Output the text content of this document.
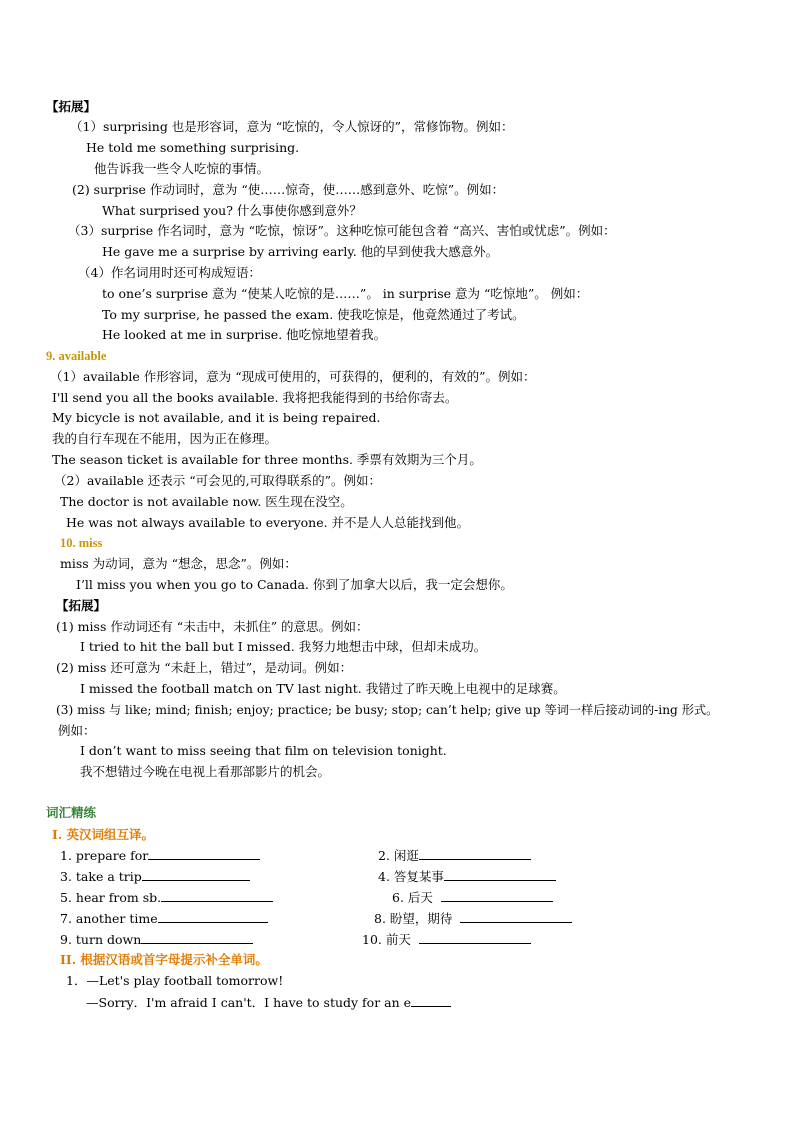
【拓展】
（1）surprising 也是形容词，意为 “吃惊的，令人惊讶的”，常修饰物。例如：
He told me something surprising.
他告诉我一些令人吃惊的事情。
(2) surprise 作动词时，意为 “使……惊奇，使……感到意外、吃惊”。例如：
What surprised you? 什么事使你感到意外？
（3）surprise 作名词时，意为 “吃惊，惊讶”。这种吃惊可能包含着 “高兴、害怕或忧虑”。例如：
He gave me a surprise by arriving early. 他的早到使我大感意外。
（4）作名词用时还可构成短语：
to one’s surprise 意为 “使某人吃惊的是……”。 in surprise 意为 “吃惊地”。 例如：
To my surprise, he passed the exam. 使我吃惊是，他竟然通过了考试。
He looked at me in surprise. 他吃惊地望着我。
9. available
（1）available 作形容词，意为 “现成可使用的，可获得的，便利的，有效的”。例如：
I'll send you all the books available. 我将把我能得到的书给你寄去。
My bicycle is not available, and it is being repaired.
我的自行车现在不能用，因为正在修理。
The season ticket is available for three months. 季票有效期为三个月。
（2）available 还表示 “可会见的,可取得联系的”。例如：
The doctor is not available now. 医生现在没空。
He was not always available to everyone. 并不是人人总能找到他。
10. miss
miss 为动词，意为 “想念，思念”。例如：
I’ll miss you when you go to Canada. 你到了加拿大以后，我一定会想你。
【拓展】
(1) miss 作动词还有 “未击中，未抓住” 的意思。例如：
I tried to hit the ball but I missed. 我努力地想击中球，但却未成功。
(2) miss 还可意为 “未赶上，错过”，是动词。例如：
I missed the football match on TV last night. 我错过了昨天晚上电视中的足球赛。
(3) miss 与 like; mind; finish; enjoy; practice; be busy; stop; can’t help; give up 等词一样后接动词的-ing 形式。
例如：
I don’t want to miss seeing that film on television tonight.
我不想错过今晚在电视上看那部影片的机会。
词汇精练
I. 英汉词组互译。
1. prepare for	2. 闲逛
3. take a trip	4. 答复某事
5. hear from sb.	6. 后天
7. another time	8. 盼望，期待
9. turn down	10. 前天
II. 根据汉语或首字母提示补全单词。
1．—Let's play football tomorrow!
—Sorry．I'm afraid I can't．I have to study for an e
